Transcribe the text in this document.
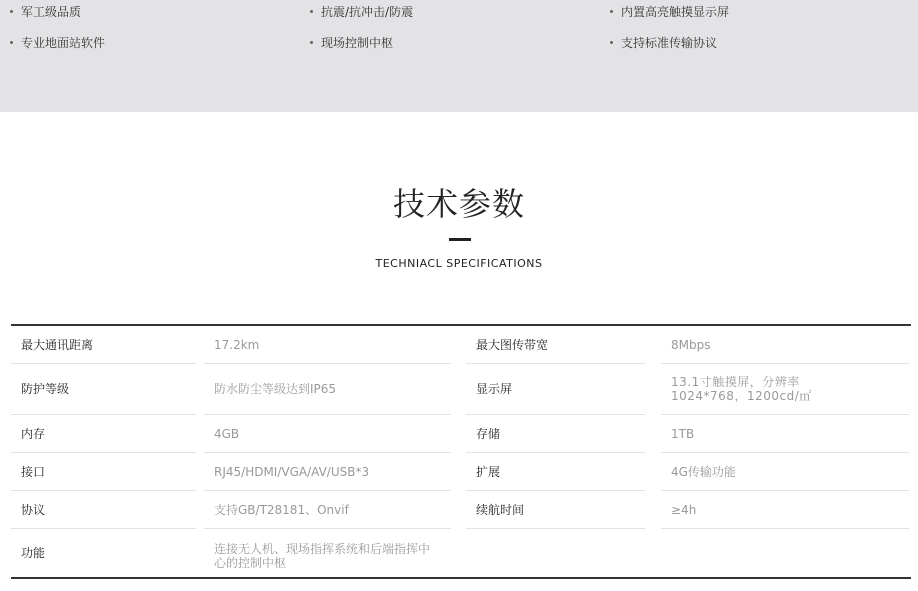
军工级品质	抗震/抗冲击/防震	内置高亮触摸显示屏
专业地面站软件	现场控制中枢	支持标准传输协议
技术参数
TECHNIACL SPECIFICATIONS
最大通讯距离	17.2km	最大图传带宽	8Mbps
防护等级	防水防尘等级达到IP65	显示屏	13.1寸触摸屏，分辨率1024*768，1200cd/㎡
内存	4GB	存储	1TB
接口	RJ45/HDMI/VGA/AV/USB*3	扩展	4G传输功能
协议	支持GB/T28181、Onvif	续航时间	≥4h
功能	连接无人机、现场指挥系统和后端指挥中心的控制中枢
